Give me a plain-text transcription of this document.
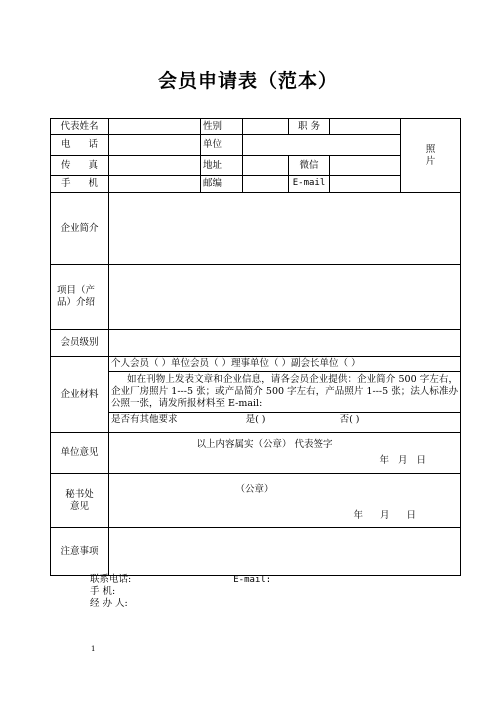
会员申请表（范本）
代表姓名		性别		职 务		照片
电 话		单位				
传 真		地址		微信		
手 机		邮编		E-mail		
企业简介						
项目（产品）介绍						
会员级别						
企业材料	个人会员（ ）单位会员（ ）理事单位（ ）副会长单位（ ）
如在刊物上发表文章和企业信息，请各会员企业提供：企业简介 500 字左右，企业厂房照片 1---5 张；或产品简介 500 字左右，产品照片 1---5 张；法人标准办公照一张，请发所报材料至 E-mail:
是否有其他要求 是( ) 否( )					

单位意见	以上内容属实（公章） 代表签字
年 月 日					

秘书处意见	（公章）
年 月 日					

注意事项						
联系电话:	E-mail:
手 机:
经 办 人:
1
